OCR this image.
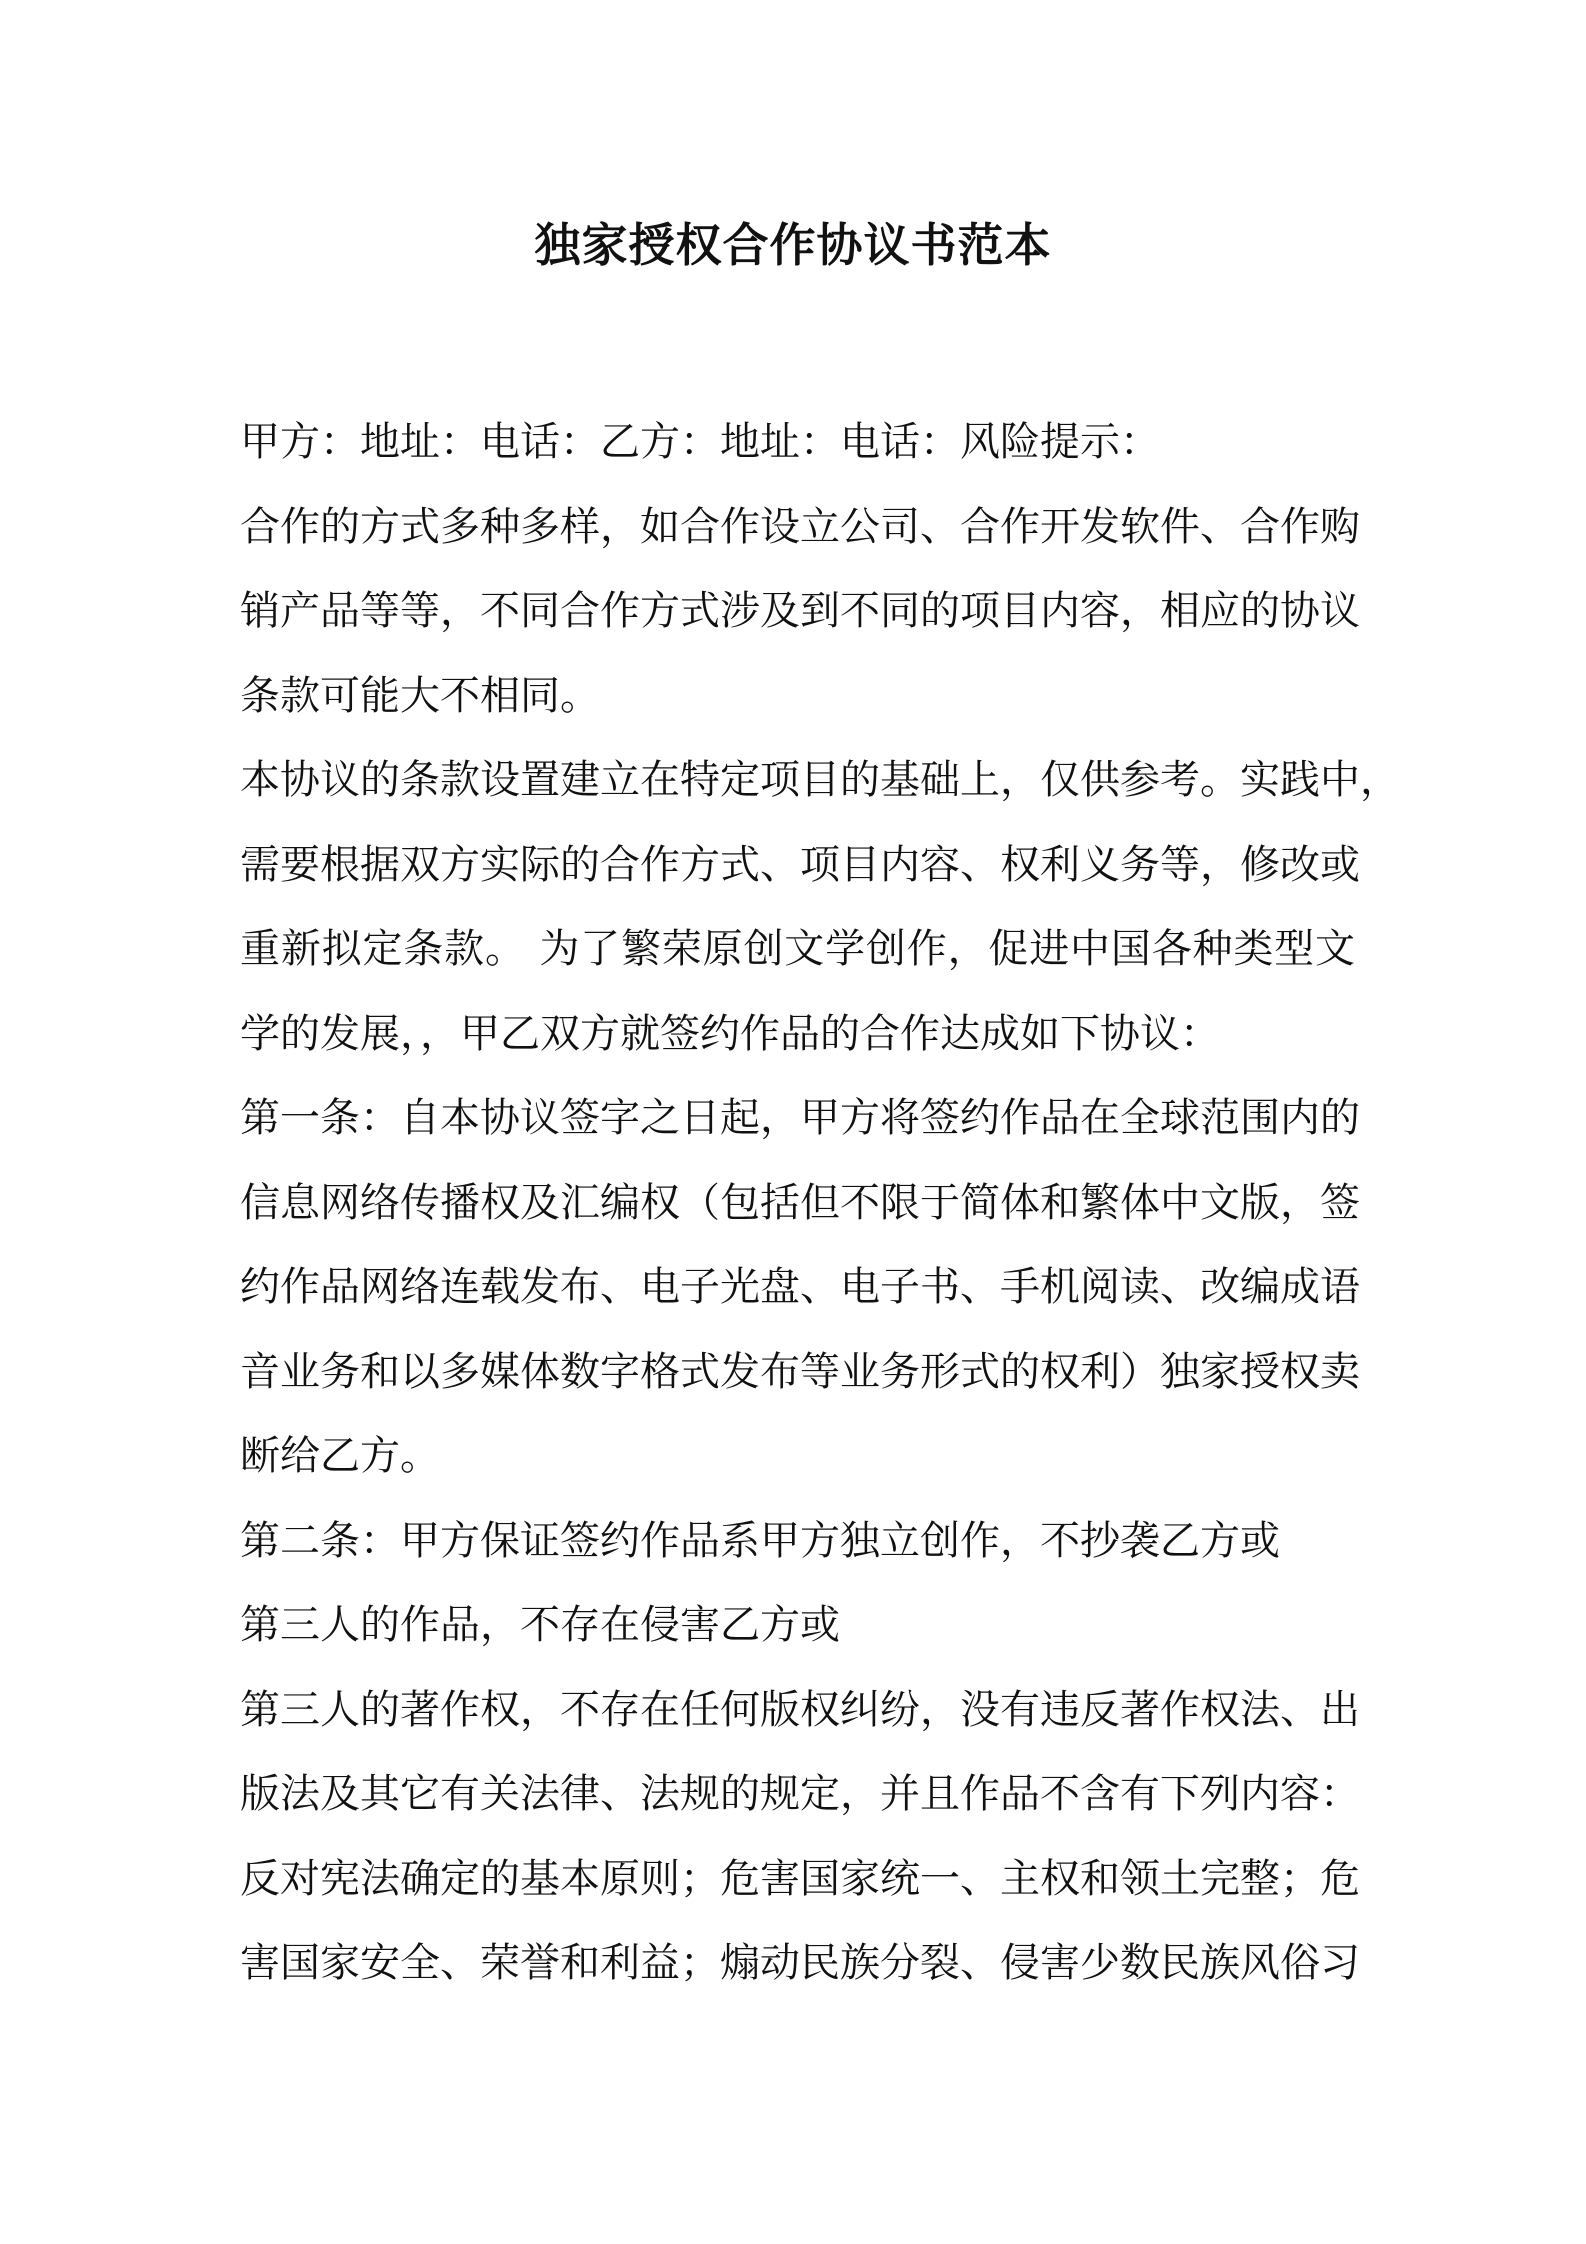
独家授权合作协议书范本
甲方：地址：电话：乙方：地址：电话：风险提示：
合作的方式多种多样，如合作设立公司、合作开发软件、合作购
销产品等等，不同合作方式涉及到不同的项目内容，相应的协议
条款可能大不相同。
本协议的条款设置建立在特定项目的基础上，仅供参考。实践中，
需要根据双方实际的合作方式、项目内容、权利义务等，修改或
重新拟定条款。 为了繁荣原创文学创作，促进中国各种类型文
学的发展，，甲乙双方就签约作品的合作达成如下协议：
第一条：自本协议签字之日起，甲方将签约作品在全球范围内的
信息网络传播权及汇编权（包括但不限于简体和繁体中文版，签
约作品网络连载发布、电子光盘、电子书、手机阅读、改编成语
音业务和以多媒体数字格式发布等业务形式的权利）独家授权卖
断给乙方。
第二条：甲方保证签约作品系甲方独立创作，不抄袭乙方或
第三人的作品，不存在侵害乙方或
第三人的著作权，不存在任何版权纠纷，没有违反著作权法、出
版法及其它有关法律、法规的规定，并且作品不含有下列内容：
反对宪法确定的基本原则；危害国家统一、主权和领土完整；危
害国家安全、荣誉和利益；煽动民族分裂、侵害少数民族风俗习
